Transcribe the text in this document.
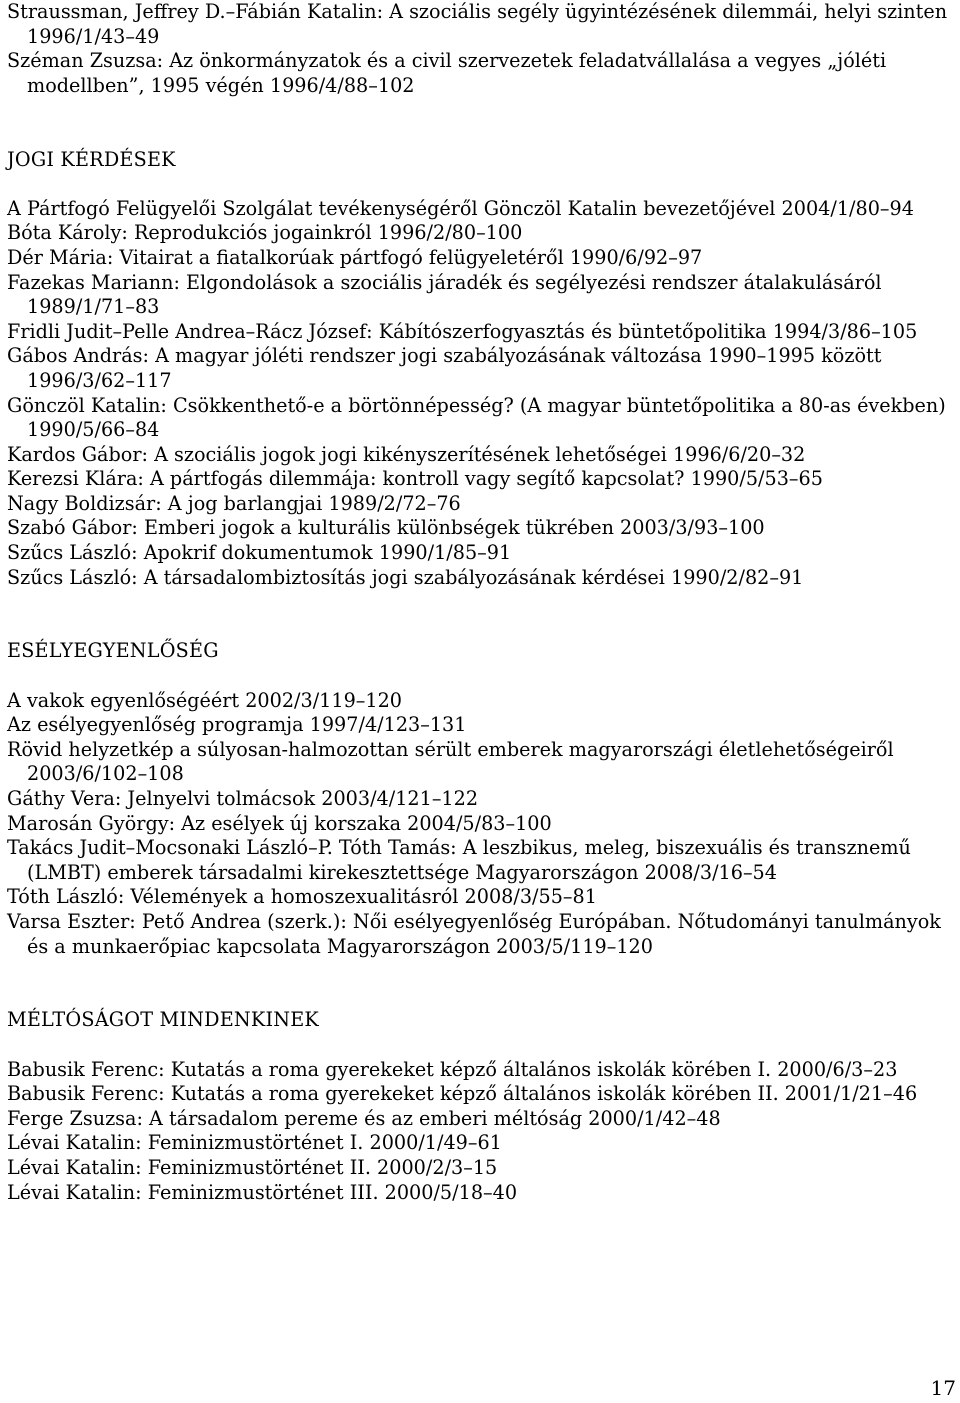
Straussman, Jeffrey D.–Fábián Katalin: A szociális segély ügyintézésének dilemmái, helyi szinten 1996/1/43–49
Széman Zsuzsa: Az önkormányzatok és a civil szervezetek feladatvállalása a vegyes „jóléti modellben”, 1995 végén 1996/4/88–102
JOGI KÉRDÉSEK
A Pártfogó Felügyelői Szolgálat tevékenységéről Gönczöl Katalin bevezetőjével 2004/1/80–94
Bóta Károly: Reprodukciós jogainkról 1996/2/80–100
Dér Mária: Vitairat a fiatalkorúak pártfogó felügyeletéről 1990/6/92–97
Fazekas Mariann: Elgondolások a szociális járadék és segélyezési rendszer átalakulásáról 1989/1/71–83
Fridli Judit–Pelle Andrea–Rácz József: Kábítószerfogyasztás és büntetőpolitika 1994/3/86–105
Gábos András: A magyar jóléti rendszer jogi szabályozásának változása 1990–1995 között 1996/3/62–117
Gönczöl Katalin: Csökkenthető-e a börtönnépesség? (A magyar büntetőpolitika a 80-as években) 1990/5/66–84
Kardos Gábor: A szociális jogok jogi kikényszerítésének lehetőségei 1996/6/20–32
Kerezsi Klára: A pártfogás dilemmája: kontroll vagy segítő kapcsolat? 1990/5/53–65
Nagy Boldizsár: A jog barlangjai 1989/2/72–76
Szabó Gábor: Emberi jogok a kulturális különbségek tükrében 2003/3/93–100
Szűcs László: Apokrif dokumentumok 1990/1/85–91
Szűcs László: A társadalombiztosítás jogi szabályozásának kérdései 1990/2/82–91
ESÉLYEGYENLŐSÉG
A vakok egyenlőségéért 2002/3/119–120
Az esélyegyenlőség programja 1997/4/123–131
Rövid helyzetkép a súlyosan-halmozottan sérült emberek magyarországi életlehetőségeiről 2003/6/102–108
Gáthy Vera: Jelnyelvi tolmácsok 2003/4/121–122
Marosán György: Az esélyek új korszaka 2004/5/83–100
Takács Judit–Mocsonaki László–P. Tóth Tamás: A leszbikus, meleg, biszexuális és transznemű (LMBT) emberek társadalmi kirekesztettsége Magyarországon 2008/3/16–54
Tóth László: Vélemények a homoszexualitásról 2008/3/55–81
Varsa Eszter: Pető Andrea (szerk.): Női esélyegyenlőség Európában. Nőtudományi tanulmányok és a munkaerőpiac kapcsolata Magyarországon 2003/5/119–120
MÉLTÓSÁGOT MINDENKINEK
Babusik Ferenc: Kutatás a roma gyerekeket képző általános iskolák körében I. 2000/6/3–23
Babusik Ferenc: Kutatás a roma gyerekeket képző általános iskolák körében II. 2001/1/21–46
Ferge Zsuzsa: A társadalom pereme és az emberi méltóság 2000/1/42–48
Lévai Katalin: Feminizmustörténet I. 2000/1/49–61
Lévai Katalin: Feminizmustörténet II. 2000/2/3–15
Lévai Katalin: Feminizmustörténet III. 2000/5/18–40
17
